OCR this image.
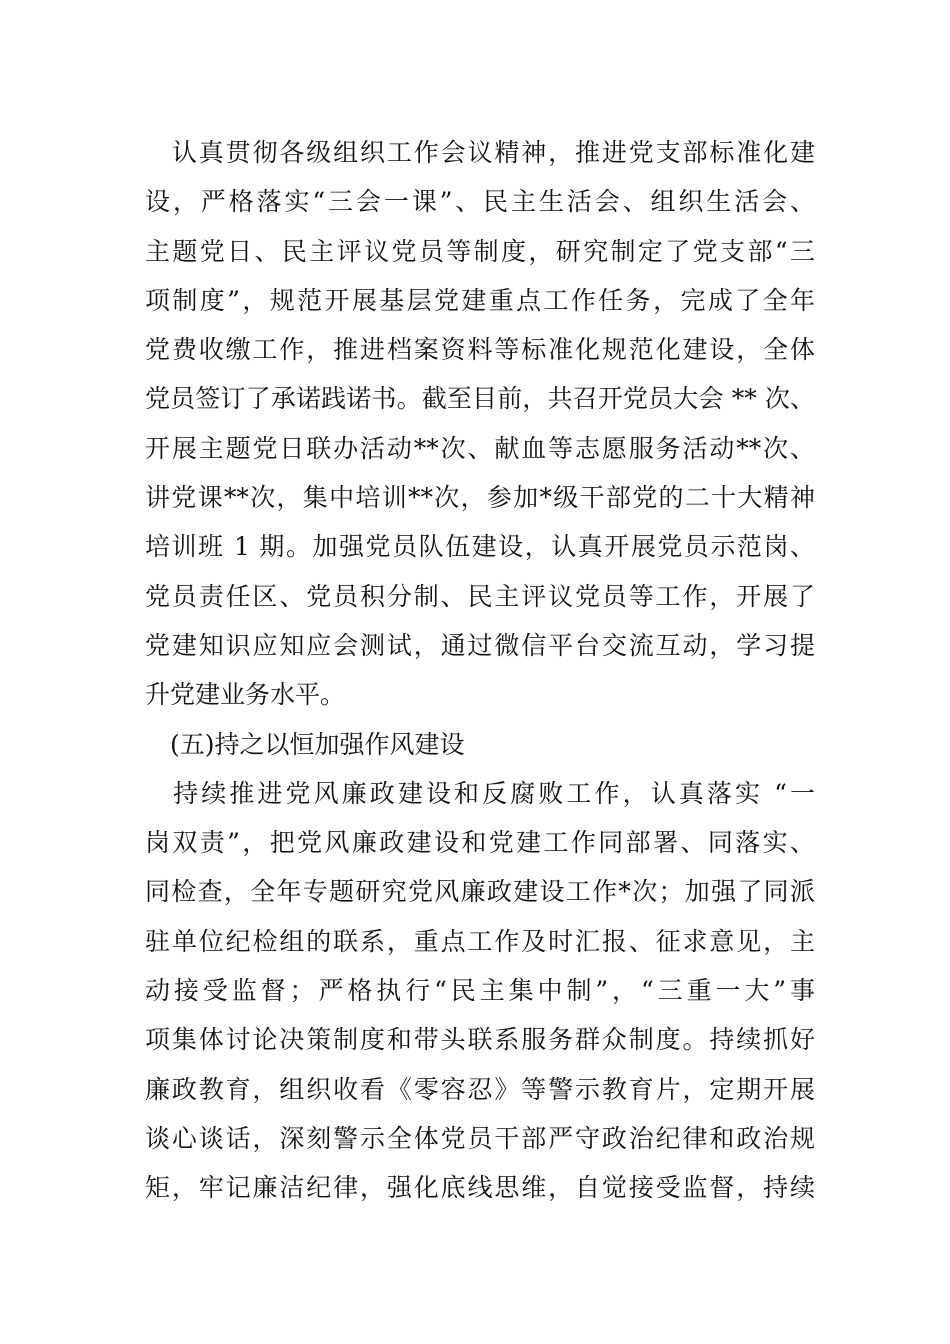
　认真贯彻各级组织工作会议精神，推进党支部标准化建
设，严格落实“三会一课”、民主生活会、组织生活会、
主题党日、民主评议党员等制度，研究制定了党支部“三
项制度”，规范开展基层党建重点工作任务，完成了全年
党费收缴工作，推进档案资料等标准化规范化建设，全体
党员签订了承诺践诺书。截至目前，共召开党员大会 ** 次、
开展主题党日联办活动**次、献血等志愿服务活动**次、
讲党课**次，集中培训**次，参加*级干部党的二十大精神
培训班 1 期。加强党员队伍建设，认真开展党员示范岗、
党员责任区、党员积分制、民主评议党员等工作，开展了
党建知识应知应会测试，通过微信平台交流互动，学习提
升党建业务水平。
　(五)持之以恒加强作风建设
　持续推进党风廉政建设和反腐败工作，认真落实 “一
岗双责”，把党风廉政建设和党建工作同部署、同落实、
同检查，全年专题研究党风廉政建设工作*次；加强了同派
驻单位纪检组的联系，重点工作及时汇报、征求意见，主
动接受监督；严格执行“民主集中制”，“三重一大”事
项集体讨论决策制度和带头联系服务群众制度。持续抓好
廉政教育，组织收看《零容忍》等警示教育片，定期开展
谈心谈话，深刻警示全体党员干部严守政治纪律和政治规
矩，牢记廉洁纪律，强化底线思维，自觉接受监督，持续
